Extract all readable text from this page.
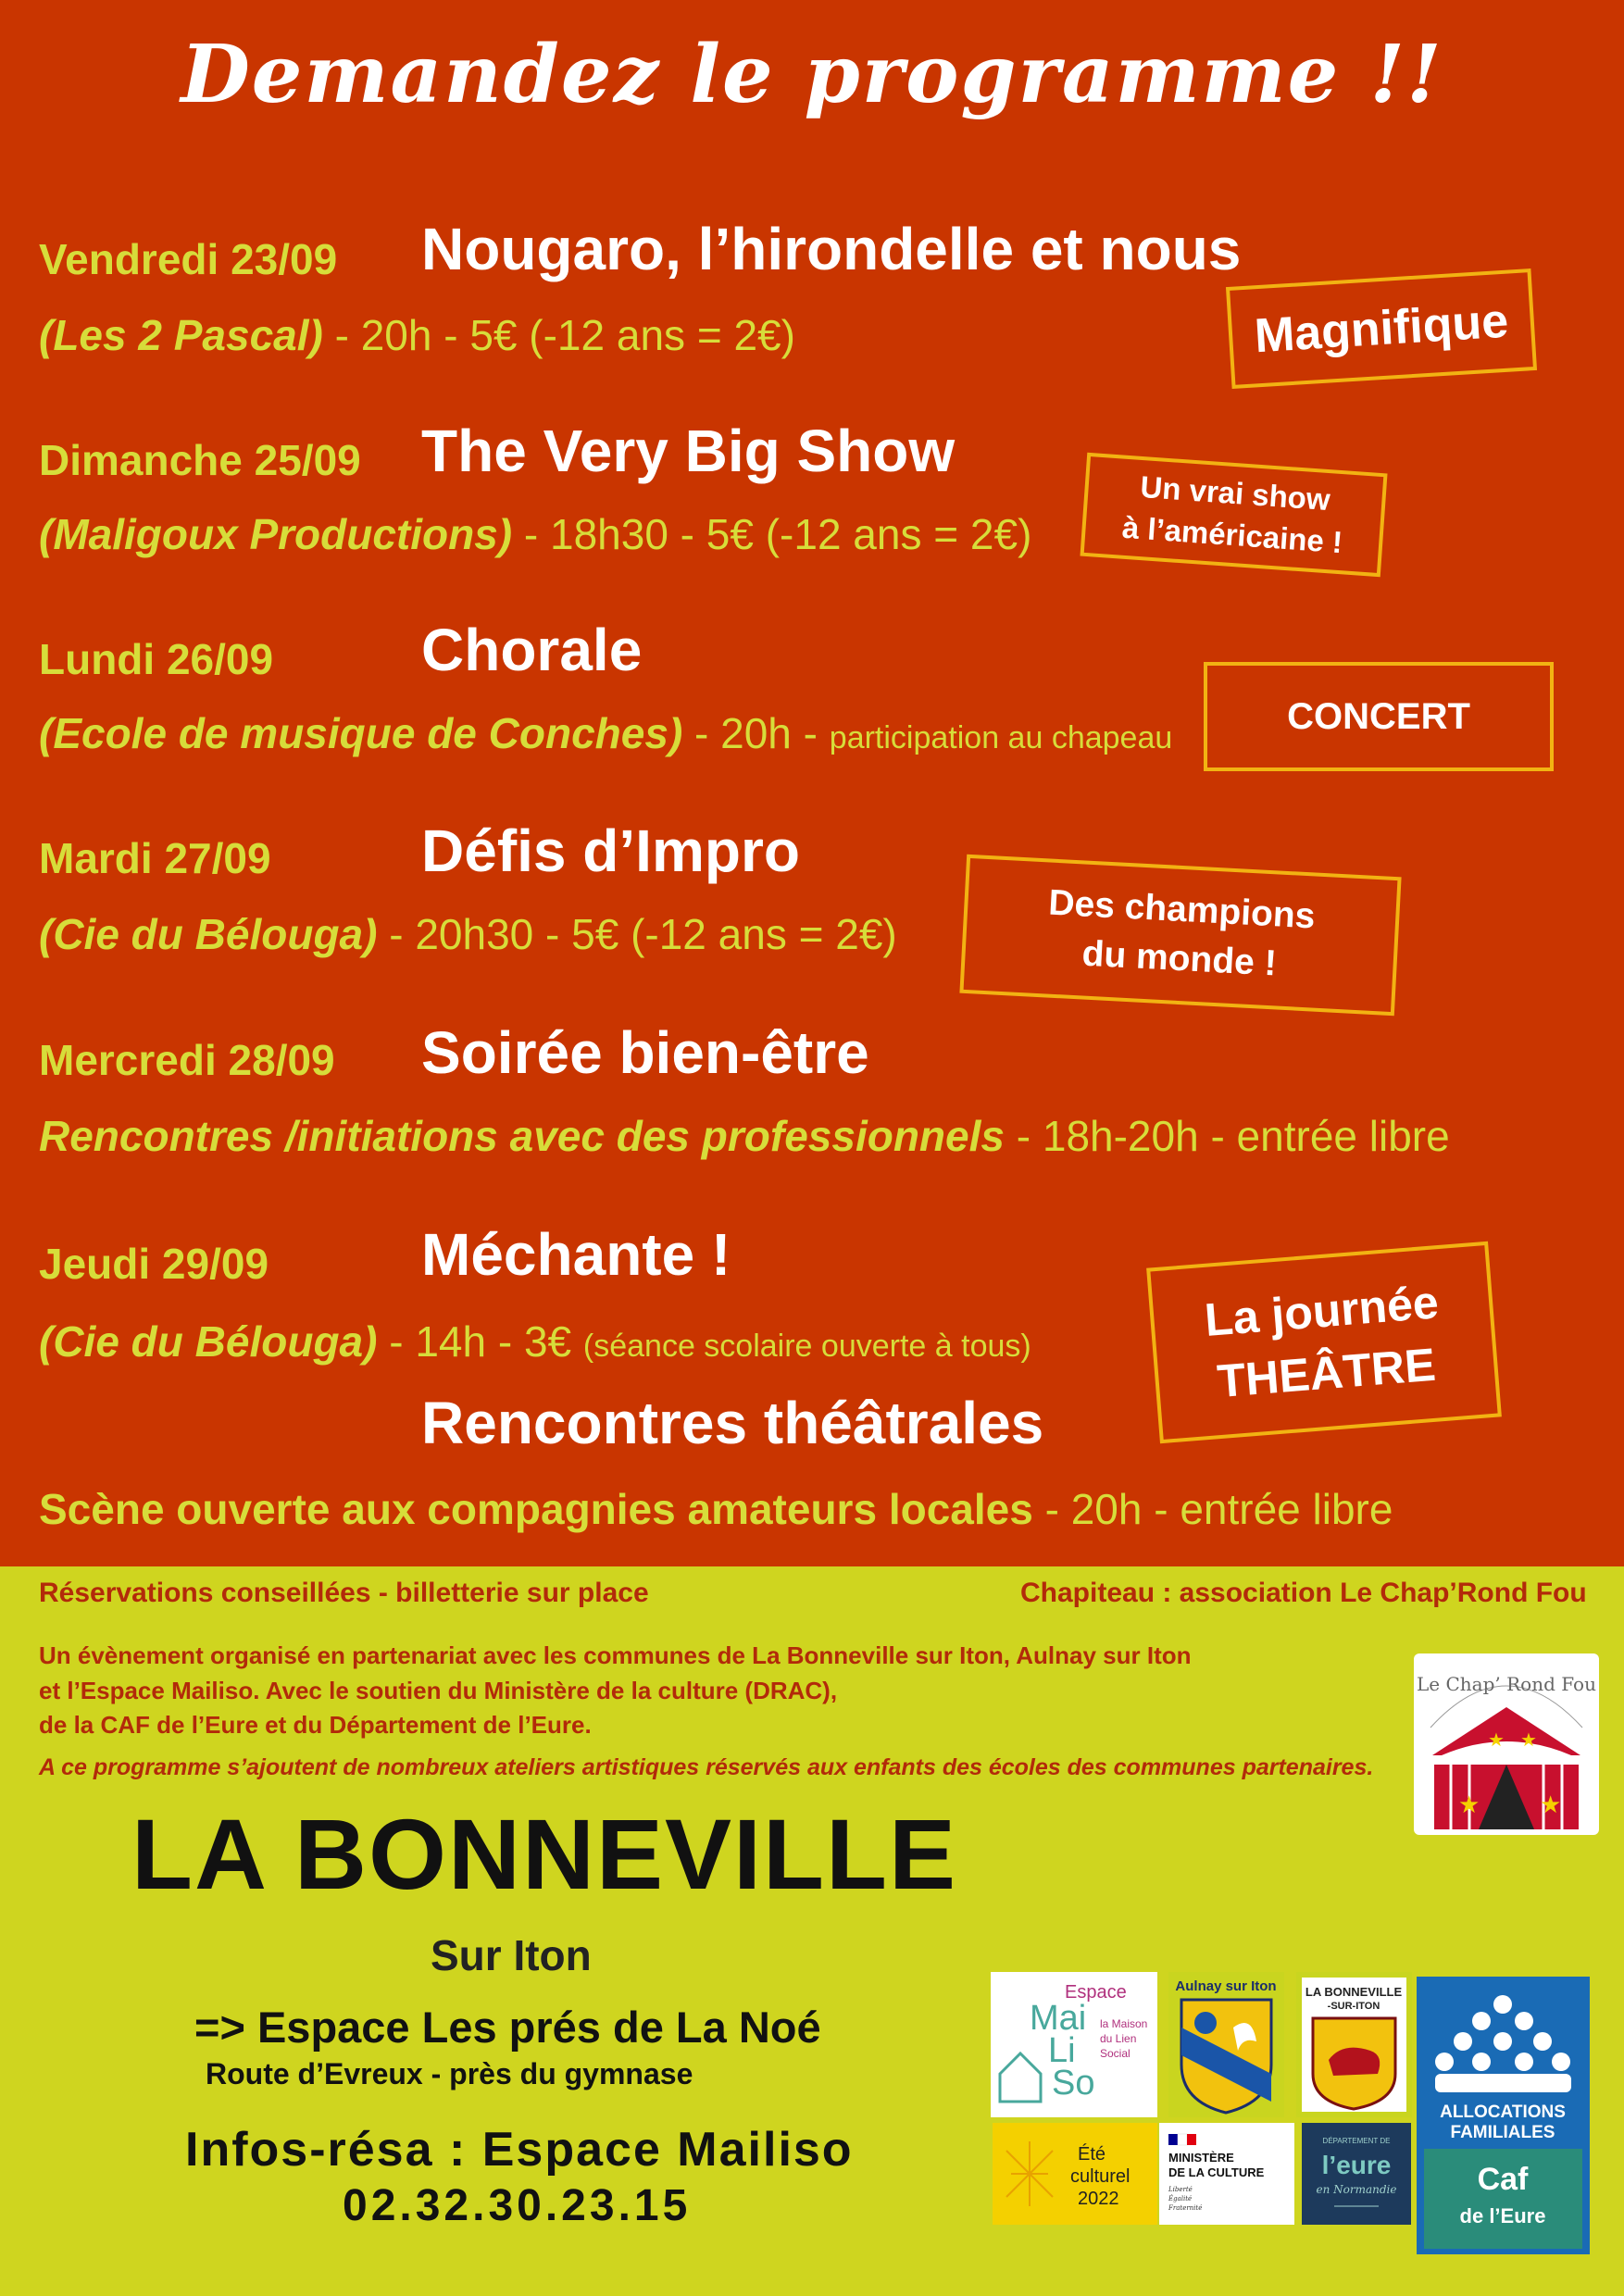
Demandez le programme !!
Vendredi 23/09 Nougaro, l’hirondelle et nous
(Les 2 Pascal) - 20h - 5€ (-12 ans = 2€)
Dimanche 25/09 The Very Big Show
(Maligoux Productions) - 18h30 - 5€ (-12 ans = 2€)
Lundi 26/09 Chorale
(Ecole de musique de Conches) - 20h - participation au chapeau
Mardi 27/09	Défis d’Impro
(Cie du Bélouga) - 20h30 - 5€ (-12 ans = 2€)
Mercredi 28/09 Soirée bien-être
Rencontres /initiations avec des professionnels - 18h-20h - entrée libre
Jeudi 29/09	Méchante !
(Cie du Bélouga) - 14h - 3€ (séance scolaire ouverte à tous)
Rencontres théâtrales
Scène ouverte aux compagnies amateurs locales - 20h - entrée libre
Magnifique
Un vrai show
à l’américaine !
CONCERT
Des champions
du monde !
La journée
THEÂTRE
Réservations conseillées - billetterie sur place	Chapiteau : association Le Chap’Rond Fou
Un évènement organisé en partenariat avec les communes de La Bonneville sur Iton, Aulnay sur Iton
et l’Espace Mailiso. Avec le soutien du Ministère de la culture (DRAC),
de la CAF de l’Eure et du Département de l’Eure.
A ce programme s’ajoutent de nombreux ateliers artistiques réservés aux enfants des écoles des communes partenaires.
LA BONNEVILLE
Sur Iton
=> Espace Les prés de La Noé
Route d’Evreux - près du gymnase
Infos-résa : Espace Mailiso
02.32.30.23.15
Le Chap’ Rond Fou
★ ★
★ ★
Espace
Mai
Li
So
la Maison
du Lien
Social
Aulnay sur Iton LA BONNEVILLE
-SUR-ITON
ALLOCATIONS
FAMILIALES
Caf
de l’Eure
Été
culturel
2022
MINISTÈRE
DE LA CULTURE
Liberté
Égalité
Fraternité
DÉPARTEMENT DE
l’eure
en Normandie
